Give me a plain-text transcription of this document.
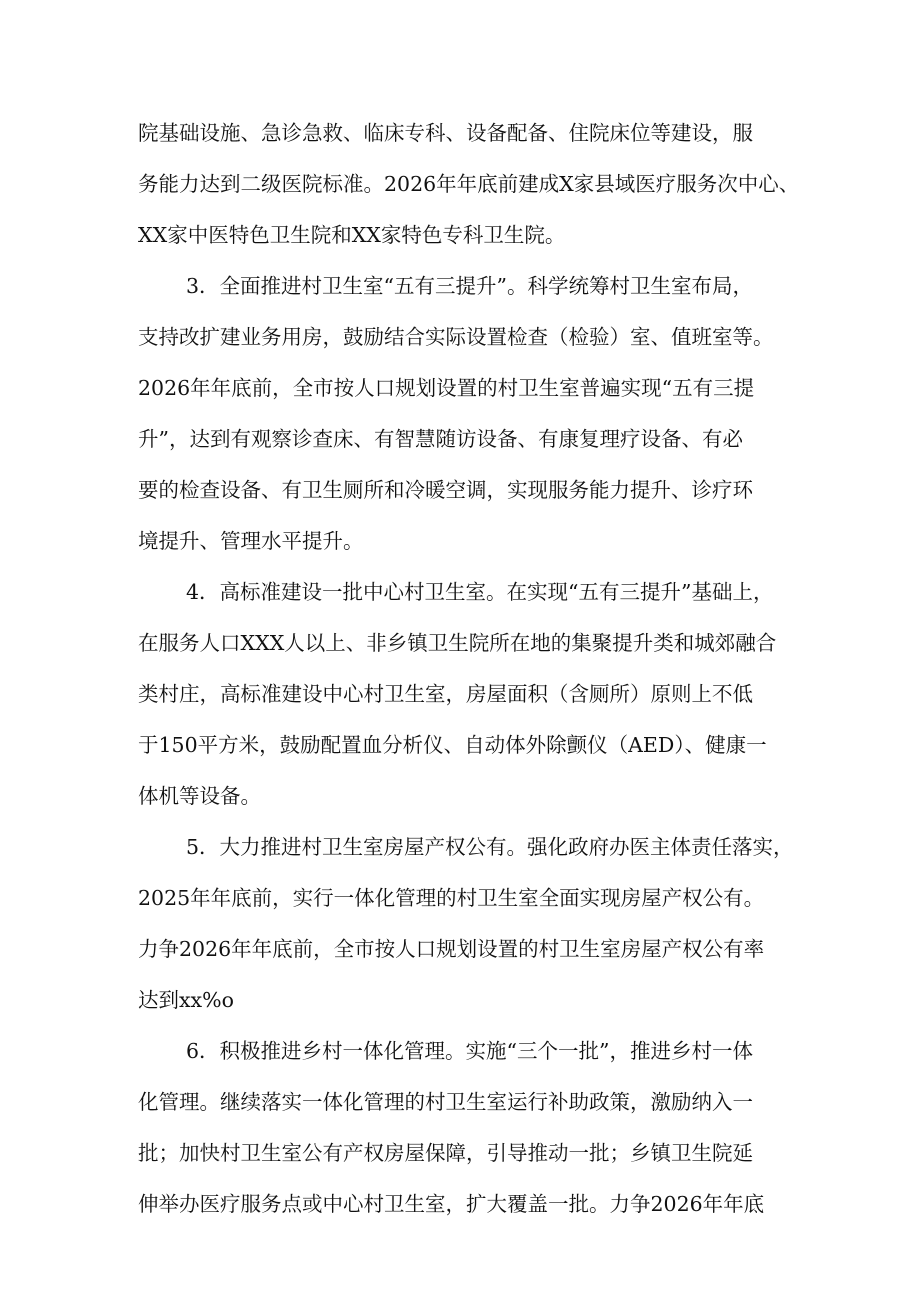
院基础设施、急诊急救、临床专科、设备配备、住院床位等建设，服
务能力达到二级医院标准。2026年年底前建成X家县域医疗服务次中心、
XX家中医特色卫生院和XX家特色专科卫生院。

3．全面推进村卫生室“五有三提升”。科学统筹村卫生室布局，
支持改扩建业务用房，鼓励结合实际设置检查（检验）室、值班室等。
2026年年底前，全市按人口规划设置的村卫生室普遍实现“五有三提
升”，达到有观察诊查床、有智慧随访设备、有康复理疗设备、有必
要的检查设备、有卫生厕所和冷暖空调，实现服务能力提升、诊疗环
境提升、管理水平提升。

4．高标准建设一批中心村卫生室。在实现“五有三提升”基础上，
在服务人口XXX人以上、非乡镇卫生院所在地的集聚提升类和城郊融合
类村庄，高标准建设中心村卫生室，房屋面积（含厕所）原则上不低
于150平方米，鼓励配置血分析仪、自动体外除颤仪（AED）、健康一
体机等设备。

5．大力推进村卫生室房屋产权公有。强化政府办医主体责任落实，
2025年年底前，实行一体化管理的村卫生室全面实现房屋产权公有。
力争2026年年底前，全市按人口规划设置的村卫生室房屋产权公有率
达到xx%o

6．积极推进乡村一体化管理。实施“三个一批”，推进乡村一体
化管理。继续落实一体化管理的村卫生室运行补助政策，激励纳入一
批；加快村卫生室公有产权房屋保障，引导推动一批；乡镇卫生院延
伸举办医疗服务点或中心村卫生室，扩大覆盖一批。力争2026年年底
